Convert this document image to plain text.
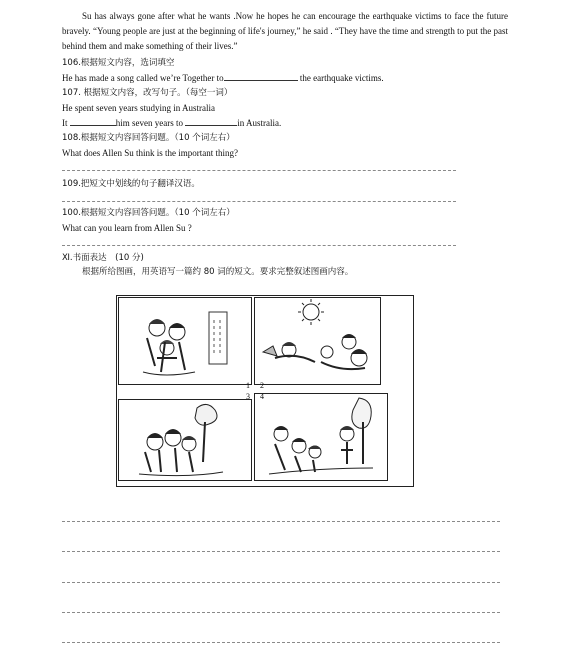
Su has always gone after what he wants .Now he hopes he can encourage the earthquake victims to face the future bravely. “Young people are just at the beginning of life's journey,” he said . “They have the time and strength to put the past behind them and make something of their lives.”
106.根据短文内容，选词填空
He has made a song called we’re Together to	the earthquake victims.
107. 根据短文内容，改写句子。（每空一词）
He spent seven years studying in Australia
It	him seven years to	in Australia.
108.根据短文内容回答问题。（10 个词左右）
What does Allen Su think is the important thing?
109.把短文中划线的句子翻译汉语。
100.根据短文内容回答问题。（10 个词左右）
What can you learn from Allen Su ?
Ⅺ.书面表达　(10 分)
根据所给图画，用英语写一篇约 80 词的短文。要求完整叙述图画内容。
1 2
3 4
